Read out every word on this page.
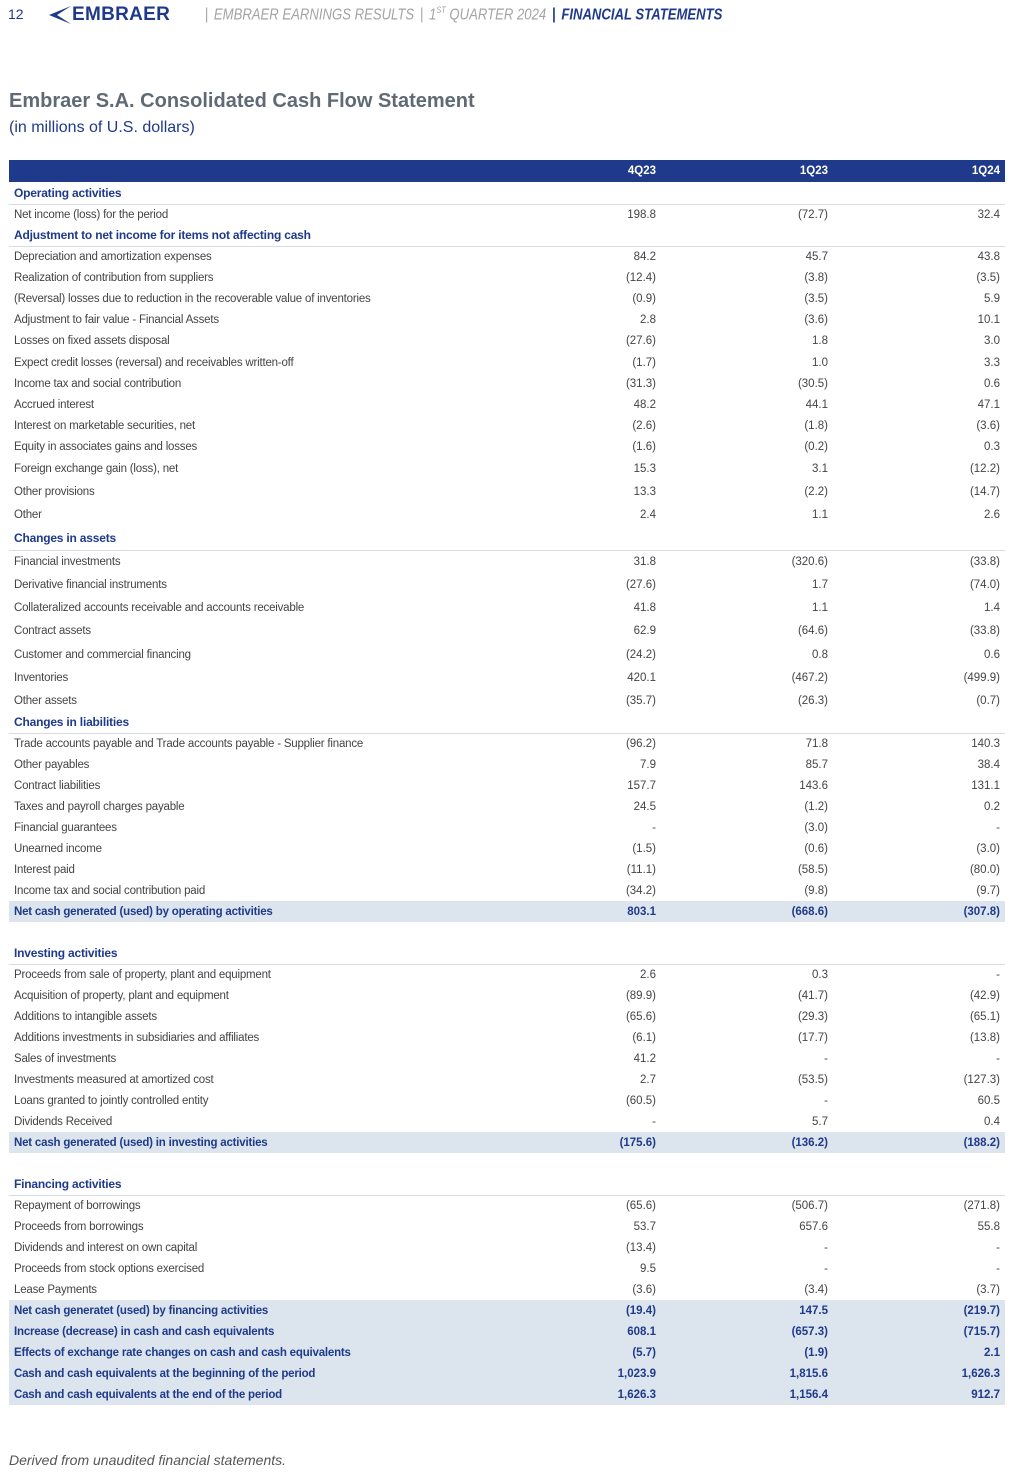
12	EMBRAER	| EMBRAER EARNINGS RESULTS | 1ST QUARTER 2024 | FINANCIAL STATEMENTS
Embraer S.A. Consolidated Cash Flow Statement
(in millions of U.S. dollars)
	4Q23	1Q23	1Q24
Operating activities			
Net income (loss) for the period	198.8	(72.7)	32.4
Adjustment to net income for items not affecting cash			
Depreciation and amortization expenses	84.2	45.7	43.8
Realization of contribution from suppliers	(12.4)	(3.8)	(3.5)
(Reversal) losses due to reduction in the recoverable value of inventories	(0.9)	(3.5)	5.9
Adjustment to fair value - Financial Assets	2.8	(3.6)	10.1
Losses on fixed assets disposal	(27.6)	1.8	3.0
Expect credit losses (reversal) and receivables written-off	(1.7)	1.0	3.3
Income tax and social contribution	(31.3)	(30.5)	0.6
Accrued interest	48.2	44.1	47.1
Interest on marketable securities, net	(2.6)	(1.8)	(3.6)
Equity in associates gains and losses	(1.6)	(0.2)	0.3
Foreign exchange gain (loss), net	15.3	3.1	(12.2)
Other provisions	13.3	(2.2)	(14.7)
Other	2.4	1.1	2.6
Changes in assets			
Financial investments	31.8	(320.6)	(33.8)
Derivative financial instruments	(27.6)	1.7	(74.0)
Collateralized accounts receivable and accounts receivable	41.8	1.1	1.4
Contract assets	62.9	(64.6)	(33.8)
Customer and commercial financing	(24.2)	0.8	0.6
Inventories	420.1	(467.2)	(499.9)
Other assets	(35.7)	(26.3)	(0.7)
Changes in liabilities			
Trade accounts payable and Trade accounts payable - Supplier finance	(96.2)	71.8	140.3
Other payables	7.9	85.7	38.4
Contract liabilities	157.7	143.6	131.1
Taxes and payroll charges payable	24.5	(1.2)	0.2
Financial guarantees	-	(3.0)	-
Unearned income	(1.5)	(0.6)	(3.0)
Interest paid	(11.1)	(58.5)	(80.0)
Income tax and social contribution paid	(34.2)	(9.8)	(9.7)
Net cash generated (used) by operating activities	803.1	(668.6)	(307.8)

Investing activities			
Proceeds from sale of property, plant and equipment	2.6	0.3	-
Acquisition of property, plant and equipment	(89.9)	(41.7)	(42.9)
Additions to intangible assets	(65.6)	(29.3)	(65.1)
Additions investments in subsidiaries and affiliates	(6.1)	(17.7)	(13.8)
Sales of investments	41.2	-	-
Investments measured at amortized cost	2.7	(53.5)	(127.3)
Loans granted to jointly controlled entity	(60.5)	-	60.5
Dividends Received	-	5.7	0.4
Net cash generated (used) in investing activities	(175.6)	(136.2)	(188.2)

Financing activities			
Repayment of borrowings	(65.6)	(506.7)	(271.8)
Proceeds from borrowings	53.7	657.6	55.8
Dividends and interest on own capital	(13.4)	-	-
Proceeds from stock options exercised	9.5	-	-
Lease Payments	(3.6)	(3.4)	(3.7)
Net cash generatet (used) by financing activities	(19.4)	147.5	(219.7)
Increase (decrease) in cash and cash equivalents	608.1	(657.3)	(715.7)
Effects of exchange rate changes on cash and cash equivalents	(5.7)	(1.9)	2.1
Cash and cash equivalents at the beginning of the period	1,023.9	1,815.6	1,626.3
Cash and cash equivalents at the end of the period	1,626.3	1,156.4	912.7
Derived from unaudited financial statements.
